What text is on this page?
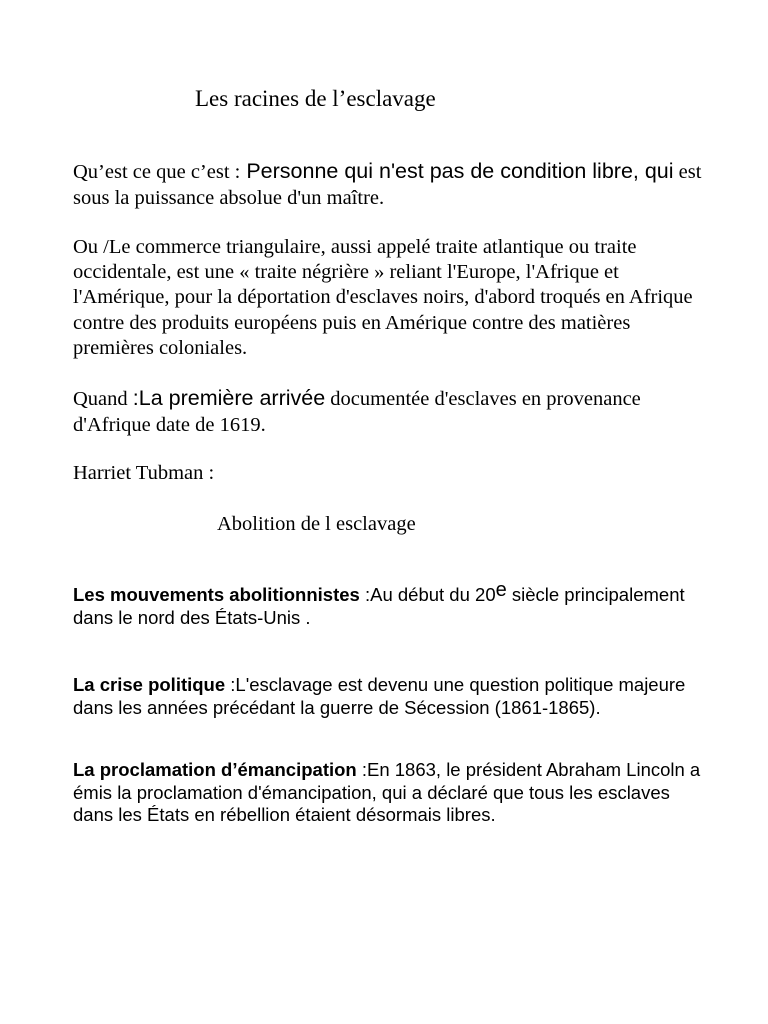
Les racines de l’esclavage

Qu’est ce que c’est : Personne qui n'est pas de condition libre, qui est sous la puissance absolue d'un maître.

Ou /Le commerce triangulaire, aussi appelé traite atlantique ou traite occidentale, est une « traite négrière » reliant l'Europe, l'Afrique et l'Amérique, pour la déportation d'esclaves noirs, d'abord troqués en Afrique contre des produits européens puis en Amérique contre des matières premières coloniales.

Quand :La première arrivée documentée d'esclaves en provenance d'Afrique date de 1619.

Harriet Tubman :

Abolition de l esclavage

Les mouvements abolitionnistes :Au début du 20e siècle principalement dans le nord des États-Unis .

La crise politique :L'esclavage est devenu une question politique majeure dans les années précédant la guerre de Sécession (1861-1865).

La proclamation d’émancipation :En 1863, le président Abraham Lincoln a émis la proclamation d'émancipation, qui a déclaré que tous les esclaves dans les États en rébellion étaient désormais libres.
